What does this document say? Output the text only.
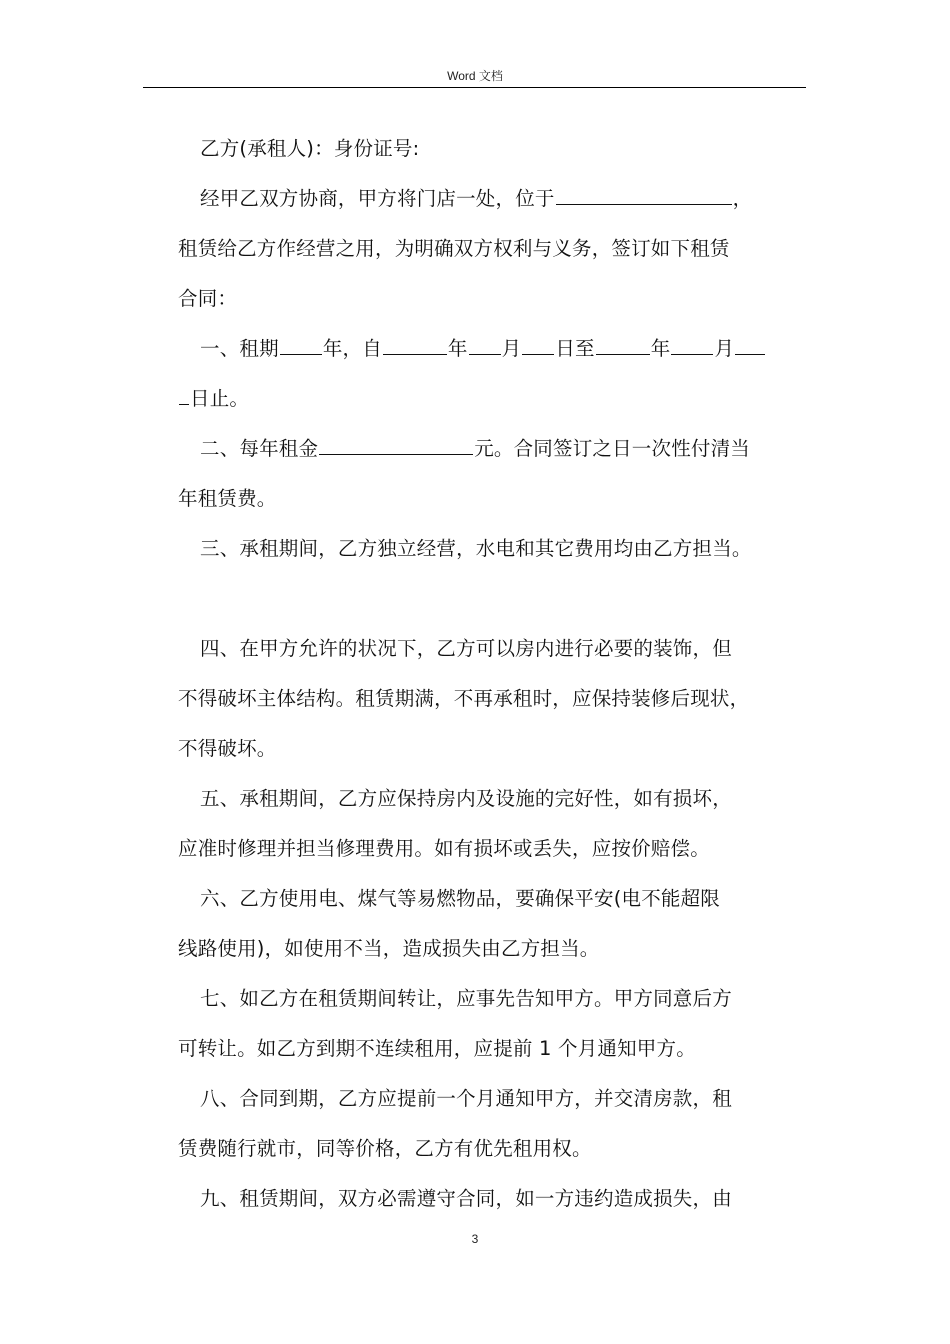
Word 文档
乙方(承租人)：身份证号:
经甲乙双方协商，甲方将门店一处，位于	，
租赁给乙方作经营之用，为明确双方权利与义务，签订如下租赁
合同：
一、租期 年，自	年 月 日至	年 月
日止。
二、每年租金	元。合同签订之日一次性付清当
年租赁费。
三、承租期间，乙方独立经营，水电和其它费用均由乙方担当。
四、在甲方允许的状况下，乙方可以房内进行必要的装饰，但
不得破坏主体结构。租赁期满，不再承租时，应保持装修后现状，
不得破坏。
五、承租期间，乙方应保持房内及设施的完好性，如有损坏，
应准时修理并担当修理费用。如有损坏或丢失，应按价赔偿。
六、乙方使用电、煤气等易燃物品，要确保平安(电不能超限
线路使用)，如使用不当，造成损失由乙方担当。
七、如乙方在租赁期间转让，应事先告知甲方。甲方同意后方
可转让。如乙方到期不连续租用，应提前 1 个月通知甲方。
八、合同到期，乙方应提前一个月通知甲方，并交清房款，租
赁费随行就市，同等价格，乙方有优先租用权。
九、租赁期间，双方必需遵守合同，如一方违约造成损失，由
3
